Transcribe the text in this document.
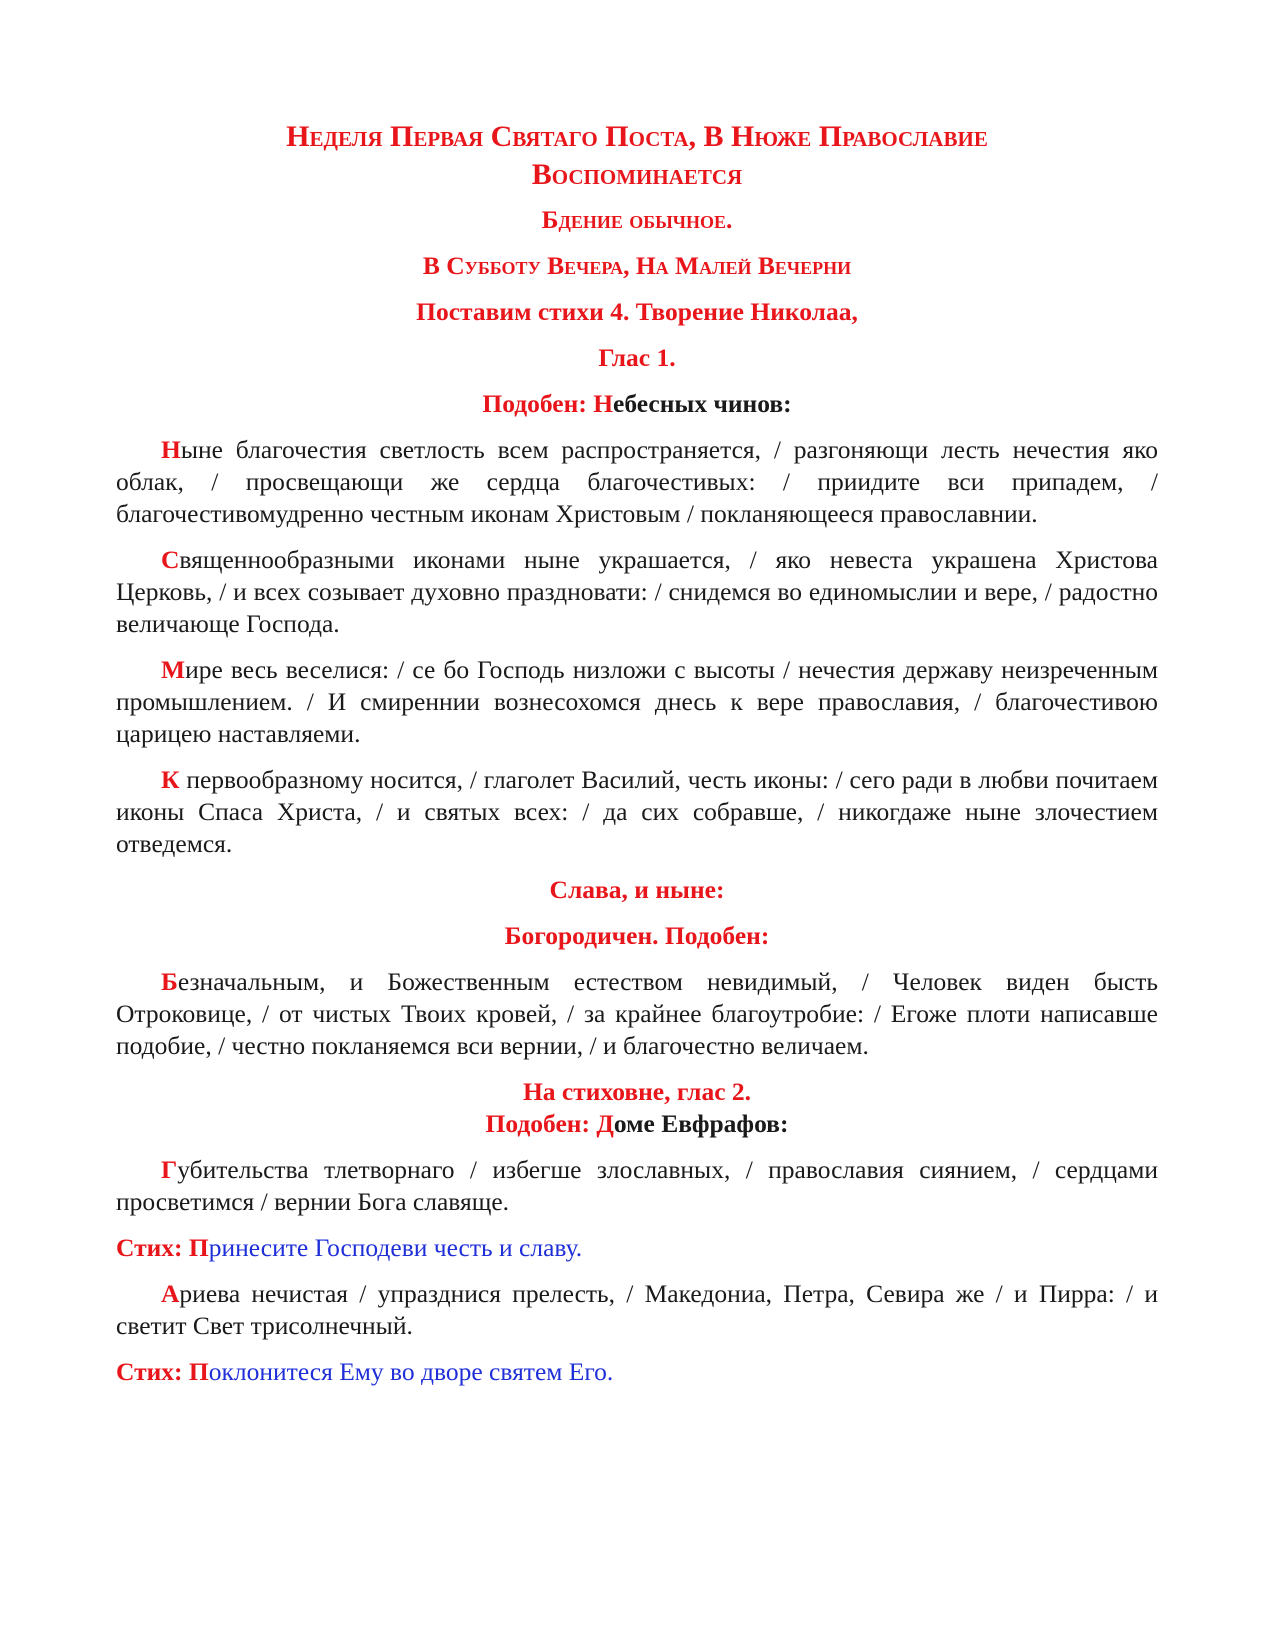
Неделя Первая Святаго Поста, В Нюже Православие
Воспоминается
Бдение обычное.
В Субботу Вечера, На Малей Вечерни
Поставим стихи 4. Творение Николаа,
Глас 1.
Подобен: Небесных чинов:

Ныне благочестия светлость всем распространяется, / разгоняющи лесть нечестия яко облак, / просвещающи же сердца благочестивых: / приидите вси припадем, / благочестивомудренно честным иконам Христовым / покланяющееся православнии.

Священнообразными иконами ныне украшается, / яко невеста украшена Христова Церковь, / и всех созывает духовно праздновати: / снидемся во единомыслии и вере, / радостно величающе Господа.

Мире весь веселися: / се бо Господь низложи с высоты / нечестия державу неизреченным промышлением. / И смиреннии вознесохомся днесь к вере православия, / благочестивою царицею наставляеми.

К первообразному носится, / глаголет Василий, честь иконы: / сего ради в любви почитаем иконы Спаса Христа, / и святых всех: / да сих собравше, / никогдаже ныне злочестием отведемся.

Слава, и ныне:
Богородичен. Подобен:

Безначальным, и Божественным естеством невидимый, / Человек виден бысть Отроковице, / от чистых Твоих кровей, / за крайнее благоутробие: / Егоже плоти написавше подобие, / честно покланяемся вси вернии, / и благочестно величаем.

На стиховне, глас 2.
Подобен: Доме Евфрафов:

Губительства тлетворнаго / избегше злославных, / православия сиянием, / сердцами просветимся / вернии Бога славяще.

Стих: Принесите Господеви честь и славу.

Ариева нечистая / упразднися прелесть, / Македониа, Петра, Севира же / и Пирра: / и светит Свет трисолнечный.

Стих: Поклонитеся Ему во дворе святем Его.
